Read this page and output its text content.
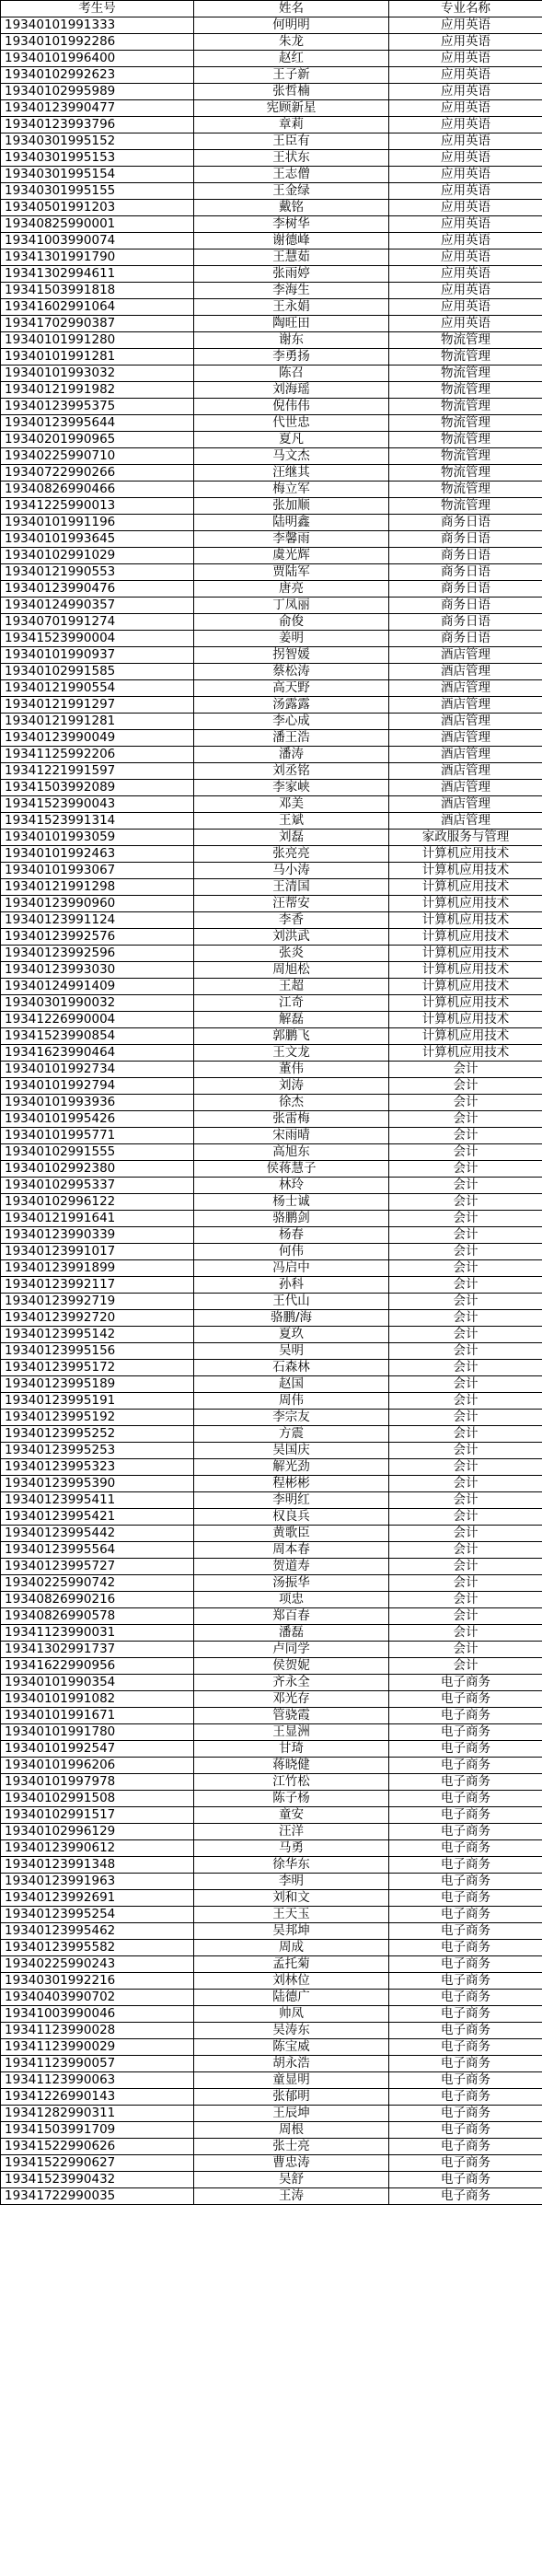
考生号	姓名	专业名称
19340101991333	何明明	应用英语
19340101992286	朱龙	应用英语
19340101996400	赵红	应用英语
19340102992623	王子新	应用英语
19340102995989	张哲楠	应用英语
19340123990477	宪顾新星	应用英语
19340123993796	章莉	应用英语
19340301995152	王臣有	应用英语
19340301995153	王状东	应用英语
19340301995154	王志僧	应用英语
19340301995155	王金绿	应用英语
19340501991203	戴铭	应用英语
19340825990001	李树华	应用英语
19341003990074	谢德峰	应用英语
19341301991790	王慧茹	应用英语
19341302994611	张雨婷	应用英语
19341503991818	李海生	应用英语
19341602991064	王永娟	应用英语
19341702990387	陶旺田	应用英语
19340101991280	谢东	物流管理
19340101991281	李勇扬	物流管理
19340101993032	陈召	物流管理
19340121991982	刘海瑶	物流管理
19340123995375	倪伟伟	物流管理
19340123995644	代世忠	物流管理
19340201990965	夏凡	物流管理
19340225990710	马文杰	物流管理
19340722990266	汪继其	物流管理
19340826990466	梅立军	物流管理
19341225990013	张加顺	物流管理
19340101991196	陆明鑫	商务日语
19340101993645	李馨雨	商务日语
19340102991029	虞光辉	商务日语
19340121990553	贾陆军	商务日语
19340123990476	唐亮	商务日语
19340124990357	丁凤丽	商务日语
19340701991274	俞俊	商务日语
19341523990004	姜明	商务日语
19340101990937	拐智媛	酒店管理
19340102991585	蔡松涛	酒店管理
19340121990554	高天野	酒店管理
19340121991297	汤露露	酒店管理
19340121991281	李心成	酒店管理
19340123990049	潘王浩	酒店管理
19341125992206	潘涛	酒店管理
19341221991597	刘丞铭	酒店管理
19341503992089	李家峡	酒店管理
19341523990043	邓美	酒店管理
19341523991314	王斌	酒店管理
19340101993059	刘磊	家政服务与管理
19340101992463	张亮亮	计算机应用技术
19340101993067	马小涛	计算机应用技术
19340121991298	王清国	计算机应用技术
19340123990960	汪帮安	计算机应用技术
19340123991124	李香	计算机应用技术
19340123992576	刘洪武	计算机应用技术
19340123992596	张炎	计算机应用技术
19340123993030	周旭松	计算机应用技术
19340124991409	王超	计算机应用技术
19340301990032	江奇	计算机应用技术
19341226990004	解磊	计算机应用技术
19341523990854	郭鹏飞	计算机应用技术
19341623990464	王文龙	计算机应用技术
19340101992734	董伟	会计
19340101992794	刘涛	会计
19340101993936	徐杰	会计
19340101995426	张雷梅	会计
19340101995771	宋雨晴	会计
19340102991555	高旭东	会计
19340102992380	侯蒋慧子	会计
19340102995337	林玲	会计
19340102996122	杨士诚	会计
19340121991641	骆鹏剑	会计
19340123990339	杨春	会计
19340123991017	何伟	会计
19340123991899	冯启中	会计
19340123992117	孙科	会计
19340123992719	王代山	会计
19340123992720	骆鹏/海	会计
19340123995142	夏玖	会计
19340123995156	吴明	会计
19340123995172	石森林	会计
19340123995189	赵国	会计
19340123995191	周伟	会计
19340123995192	李宗友	会计
19340123995252	方震	会计
19340123995253	吴国庆	会计
19340123995323	解光劲	会计
19340123995390	程彬彬	会计
19340123995411	李明红	会计
19340123995421	权良兵	会计
19340123995442	黄歌臣	会计
19340123995564	周本春	会计
19340123995727	贺道寿	会计
19340225990742	汤振华	会计
19340826990216	项忠	会计
19340826990578	郑百春	会计
19341123990031	潘磊	会计
19341302991737	卢同学	会计
19341622990956	侯贺妮	会计
19340101990354	齐永全	电子商务
19340101991082	邓光存	电子商务
19340101991671	管骁霞	电子商务
19340101991780	王显洲	电子商务
19340101992547	甘琦	电子商务
19340101996206	蒋晓健	电子商务
19340101997978	江竹松	电子商务
19340102991508	陈子杨	电子商务
19340102991517	童安	电子商务
19340102996129	汪洋	电子商务
19340123990612	马勇	电子商务
19340123991348	徐华东	电子商务
19340123991963	李明	电子商务
19340123992691	刘和文	电子商务
19340123995254	王天玉	电子商务
19340123995462	吴邦坤	电子商务
19340123995582	周成	电子商务
19340225990243	孟托菊	电子商务
19340301992216	刘林位	电子商务
19340403990702	陆德广	电子商务
19341003990046	帅凤	电子商务
19341123990028	吴涛东	电子商务
19341123990029	陈宝威	电子商务
19341123990057	胡永浩	电子商务
19341123990063	童显明	电子商务
19341226990143	张郁明	电子商务
19341282990311	王辰坤	电子商务
19341503991709	周根	电子商务
19341522990626	张士亮	电子商务
19341522990627	曹忠涛	电子商务
19341523990432	吴舒	电子商务
19341722990035	王涛	电子商务
